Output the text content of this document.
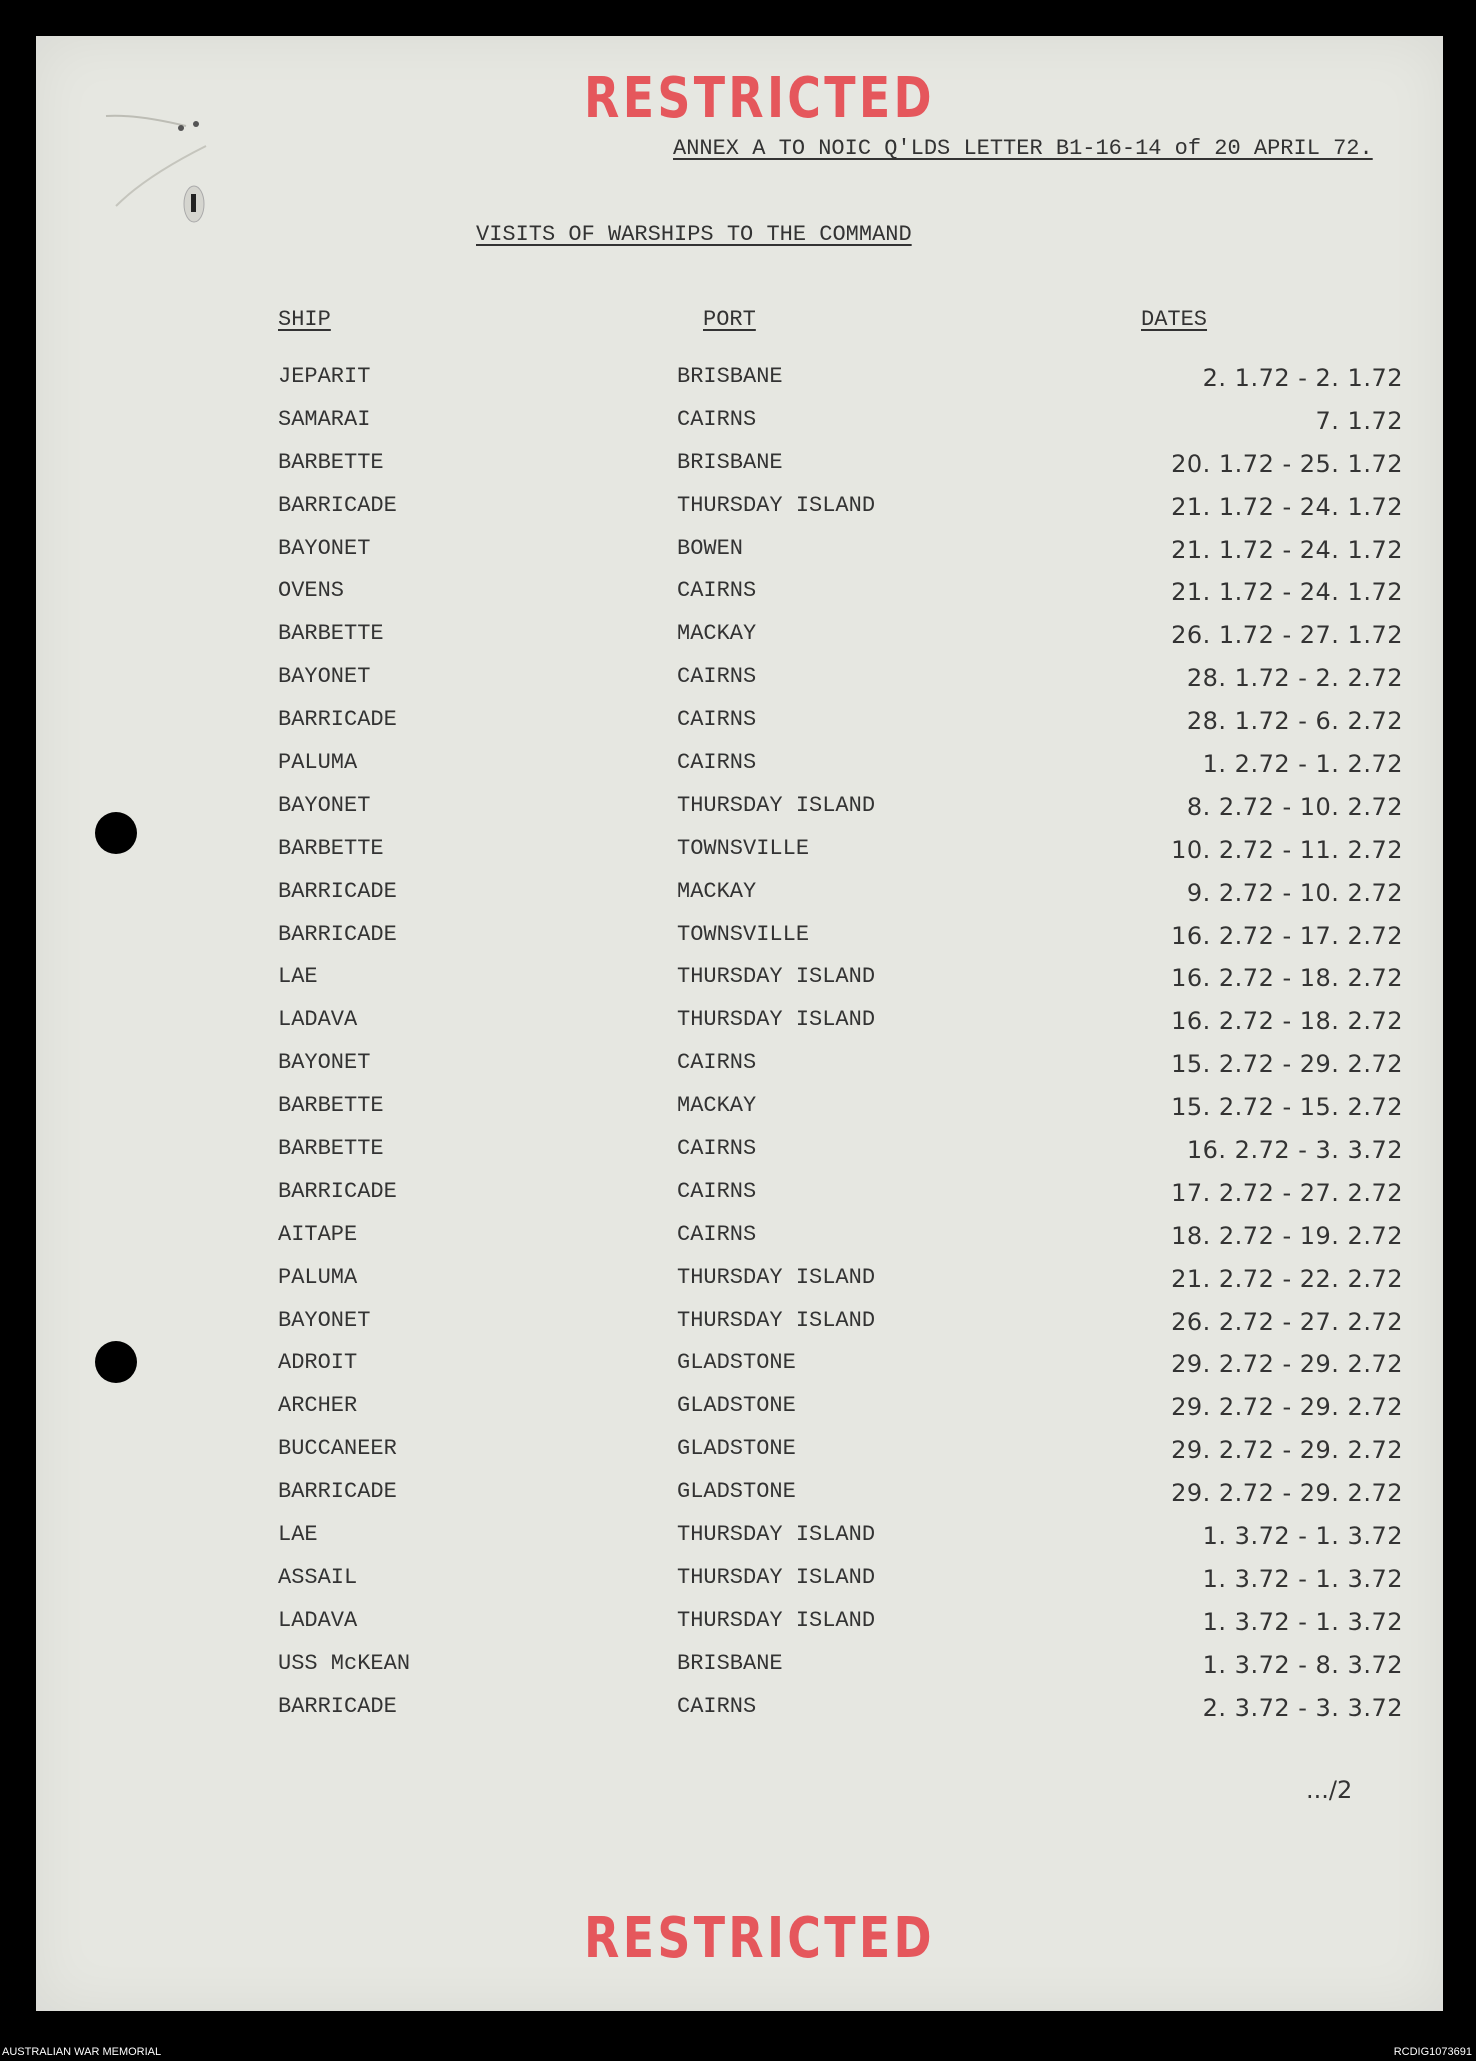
RESTRICTED
ANNEX A TO NOIC Q'LDS LETTER B1-16-14 of 20 APRIL 72.
VISITS OF WARSHIPS TO THE COMMAND
SHIP	PORT	DATES
JEPARIT	BRISBANE	2. 1.72 - 2. 1.72
SAMARAI	CAIRNS	7. 1.72
BARBETTE	BRISBANE	20. 1.72 - 25. 1.72
BARRICADE	THURSDAY ISLAND	21. 1.72 - 24. 1.72
BAYONET	BOWEN	21. 1.72 - 24. 1.72
OVENS	CAIRNS	21. 1.72 - 24. 1.72
BARBETTE	MACKAY	26. 1.72 - 27. 1.72
BAYONET	CAIRNS	28. 1.72 - 2. 2.72
BARRICADE	CAIRNS	28. 1.72 - 6. 2.72
PALUMA	CAIRNS	1. 2.72 - 1. 2.72
BAYONET	THURSDAY ISLAND	8. 2.72 - 10. 2.72
BARBETTE	TOWNSVILLE	10. 2.72 - 11. 2.72
BARRICADE	MACKAY	9. 2.72 - 10. 2.72
BARRICADE	TOWNSVILLE	16. 2.72 - 17. 2.72
LAE	THURSDAY ISLAND	16. 2.72 - 18. 2.72
LADAVA	THURSDAY ISLAND	16. 2.72 - 18. 2.72
BAYONET	CAIRNS	15. 2.72 - 29. 2.72
BARBETTE	MACKAY	15. 2.72 - 15. 2.72
BARBETTE	CAIRNS	16. 2.72 - 3. 3.72
BARRICADE	CAIRNS	17. 2.72 - 27. 2.72
AITAPE	CAIRNS	18. 2.72 - 19. 2.72
PALUMA	THURSDAY ISLAND	21. 2.72 - 22. 2.72
BAYONET	THURSDAY ISLAND	26. 2.72 - 27. 2.72
ADROIT	GLADSTONE	29. 2.72 - 29. 2.72
ARCHER	GLADSTONE	29. 2.72 - 29. 2.72
BUCCANEER	GLADSTONE	29. 2.72 - 29. 2.72
BARRICADE	GLADSTONE	29. 2.72 - 29. 2.72
LAE	THURSDAY ISLAND	1. 3.72 - 1. 3.72
ASSAIL	THURSDAY ISLAND	1. 3.72 - 1. 3.72
LADAVA	THURSDAY ISLAND	1. 3.72 - 1. 3.72
USS McKEAN	BRISBANE	1. 3.72 - 8. 3.72
BARRICADE	CAIRNS	2. 3.72 - 3. 3.72
.../2
RESTRICTED
AUSTRALIAN WAR MEMORIAL	RCDIG1073691
